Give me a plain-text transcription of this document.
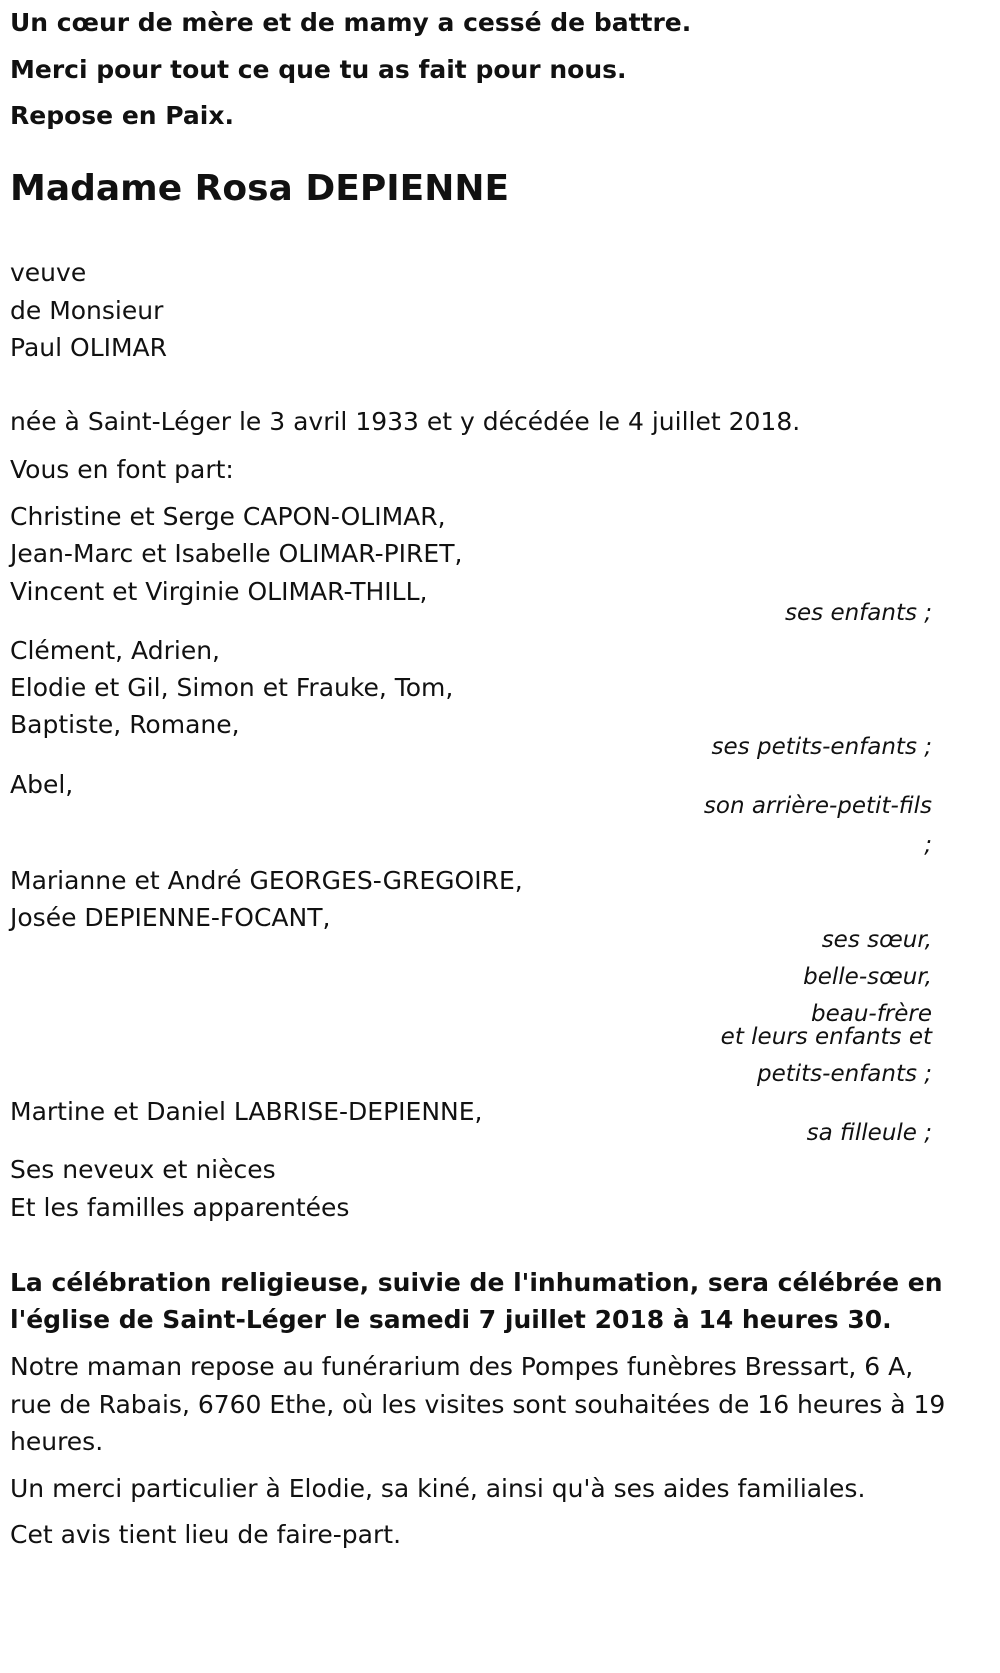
Un cœur de mère et de mamy a cessé de battre.
Merci pour tout ce que tu as fait pour nous.
Repose en Paix.
Madame Rosa DEPIENNE
veuve
de Monsieur
Paul OLIMAR
née à Saint-Léger le 3 avril 1933 et y décédée le 4 juillet 2018.
Vous en font part:
Christine et Serge CAPON-OLIMAR,
Jean-Marc et Isabelle OLIMAR-PIRET,
Vincent et Virginie OLIMAR-THILL,
ses enfants ;
Clément, Adrien,
Elodie et Gil, Simon et Frauke, Tom,
Baptiste, Romane,
ses petits-enfants ;
Abel,
son arrière-petit-fils
;
Marianne et André GEORGES-GREGOIRE,
Josée DEPIENNE-FOCANT,
ses sœur,
belle-sœur,
beau-frère
et leurs enfants et
petits-enfants ;
Martine et Daniel LABRISE-DEPIENNE,
sa filleule ;
Ses neveux et nièces
Et les familles apparentées
La célébration religieuse, suivie de l'inhumation, sera célébrée en
l'église de Saint-Léger le samedi 7 juillet 2018 à 14 heures 30.
Notre maman repose au funérarium des Pompes funèbres Bressart, 6 A,
rue de Rabais, 6760 Ethe, où les visites sont souhaitées de 16 heures à 19
heures.
Un merci particulier à Elodie, sa kiné, ainsi qu'à ses aides familiales.
Cet avis tient lieu de faire-part.
